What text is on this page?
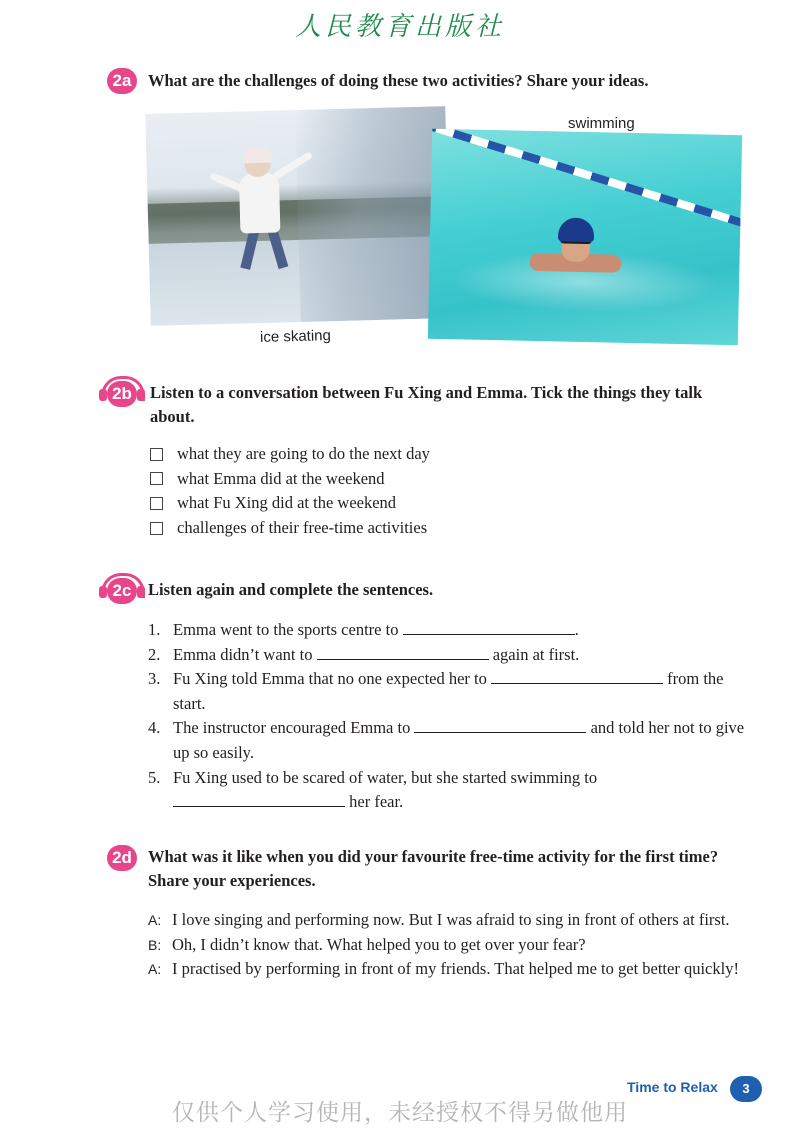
人民教育出版社
2a	What are the challenges of doing these two activities? Share your ideas.
swimming
ice skating
2b	Listen to a conversation between Fu Xing and Emma. Tick the things they talk about.
what they are going to do the next day
what Emma did at the weekend
what Fu Xing did at the weekend
challenges of their free-time activities
2c	Listen again and complete the sentences.
1. Emma went to the sports centre to	.
2. Emma didn’t want to	again at first.
3. Fu Xing told Emma that no one expected her to	from the start.
4. The instructor encouraged Emma to	and told her not to give up so easily.
5. Fu Xing used to be scared of water, but she started swimming to  her fear.
2d What was it like when you did your favourite free-time activity for the first time? Share your experiences.
A: I love singing and performing now. But I was afraid to sing in front of others at first.
B: Oh, I didn’t know that. What helped you to get over your fear?
A: I practised by performing in front of my friends. That helped me to get better quickly!
Time to Relax	3
仅供个人学习使用，未经授权不得另做他用
